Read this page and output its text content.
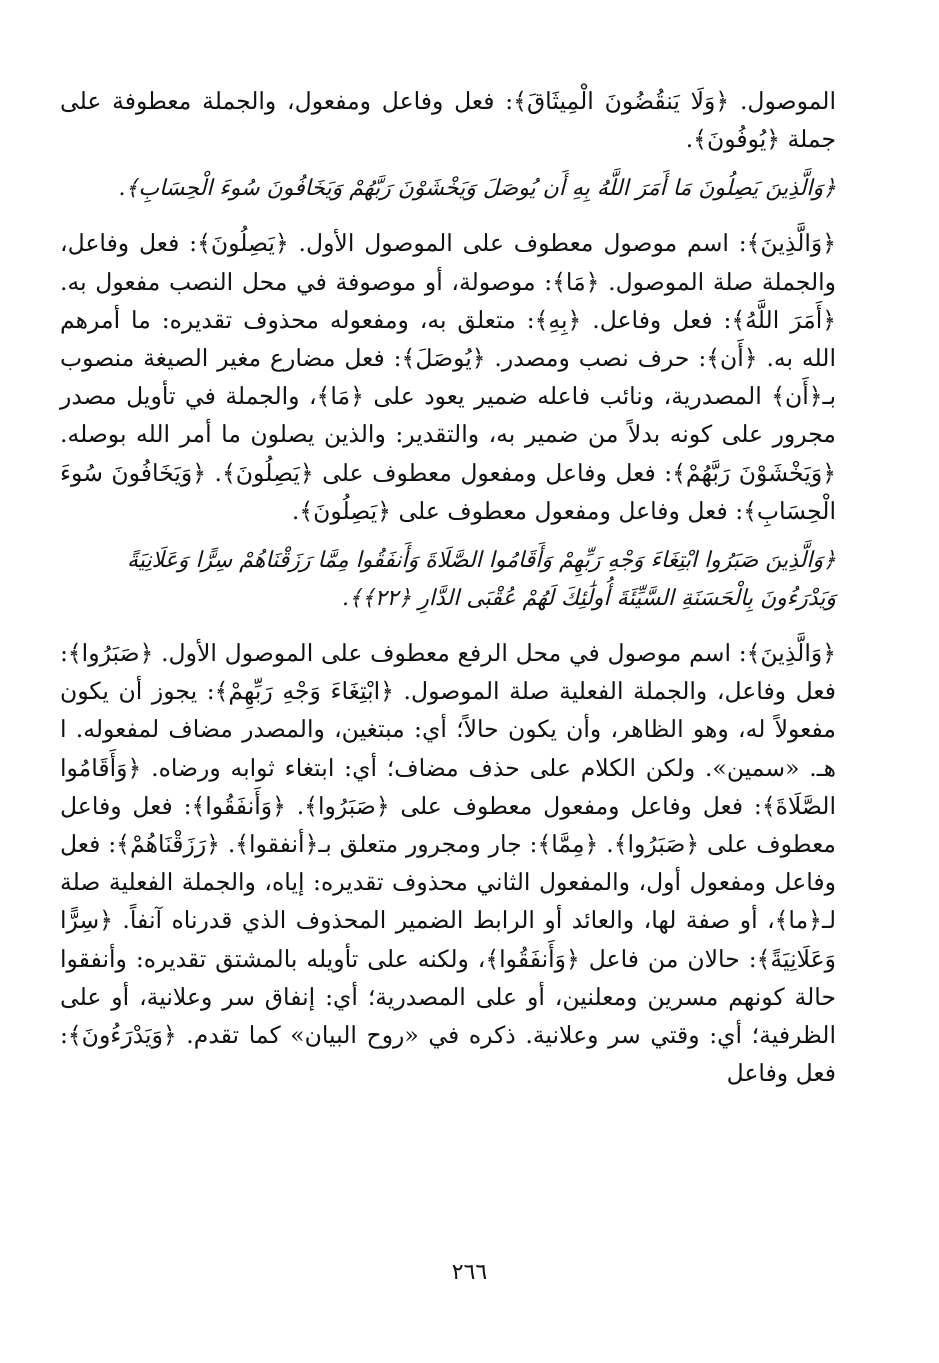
الموصول. ﴿وَلَا يَنقُضُونَ الْمِيثَاقَ﴾: فعل وفاعل ومفعول، والجملة معطوفة على جملة ﴿يُوفُونَ﴾.

﴿وَالَّذِينَ يَصِلُونَ مَا أَمَرَ اللَّهُ بِهِ أَن يُوصَلَ وَيَخْشَوْنَ رَبَّهُمْ وَيَخَافُونَ سُوءَ الْحِسَابِ﴾.

﴿وَالَّذِينَ﴾: اسم موصول معطوف على الموصول الأول. ﴿يَصِلُونَ﴾: فعل وفاعل، والجملة صلة الموصول. ﴿مَا﴾: موصولة، أو موصوفة في محل النصب مفعول به. ﴿أَمَرَ اللَّهُ﴾: فعل وفاعل. ﴿بِهِ﴾: متعلق به، ومفعوله محذوف تقديره: ما أمرهم الله به. ﴿أَن﴾: حرف نصب ومصدر. ﴿يُوصَلَ﴾: فعل مضارع مغير الصيغة منصوب بـ﴿أَن﴾ المصدرية، ونائب فاعله ضمير يعود على ﴿مَا﴾، والجملة في تأويل مصدر مجرور على كونه بدلاً من ضمير به، والتقدير: والذين يصلون ما أمر الله بوصله. ﴿وَيَخْشَوْنَ رَبَّهُمْ﴾: فعل وفاعل ومفعول معطوف على ﴿يَصِلُونَ﴾. ﴿وَيَخَافُونَ سُوءَ الْحِسَابِ﴾: فعل وفاعل ومفعول معطوف على ﴿يَصِلُونَ﴾.

﴿وَالَّذِينَ صَبَرُوا ابْتِغَاءَ وَجْهِ رَبِّهِمْ وَأَقَامُوا الصَّلَاةَ وَأَنفَقُوا مِمَّا رَزَقْنَاهُمْ سِرًّا وَعَلَانِيَةً وَيَدْرَءُونَ بِالْحَسَنَةِ السَّيِّئَةَ أُولَٰئِكَ لَهُمْ عُقْبَى الدَّارِ ﴿٢٢﴾﴾.

﴿وَالَّذِينَ﴾: اسم موصول في محل الرفع معطوف على الموصول الأول. ﴿صَبَرُوا﴾: فعل وفاعل، والجملة الفعلية صلة الموصول. ﴿ابْتِغَاءَ وَجْهِ رَبِّهِمْ﴾: يجوز أن يكون مفعولاً له، وهو الظاهر، وأن يكون حالاً؛ أي: مبتغين، والمصدر مضاف لمفعوله. ا هـ. «سمين». ولكن الكلام على حذف مضاف؛ أي: ابتغاء ثوابه ورضاه. ﴿وَأَقَامُوا الصَّلَاةَ﴾: فعل وفاعل ومفعول معطوف على ﴿صَبَرُوا﴾. ﴿وَأَنفَقُوا﴾: فعل وفاعل معطوف على ﴿صَبَرُوا﴾. ﴿مِمَّا﴾: جار ومجرور متعلق بـ﴿أنفقوا﴾. ﴿رَزَقْنَاهُمْ﴾: فعل وفاعل ومفعول أول، والمفعول الثاني محذوف تقديره: إياه، والجملة الفعلية صلة لـ﴿ما﴾، أو صفة لها، والعائد أو الرابط الضمير المحذوف الذي قدرناه آنفاً. ﴿سِرًّا وَعَلَانِيَةً﴾: حالان من فاعل ﴿وَأَنفَقُوا﴾، ولكنه على تأويله بالمشتق تقديره: وأنفقوا حالة كونهم مسرين ومعلنين، أو على المصدرية؛ أي: إنفاق سر وعلانية، أو على الظرفية؛ أي: وقتي سر وعلانية. ذكره في «روح البيان» كما تقدم. ﴿وَيَدْرَءُونَ﴾: فعل وفاعل

٢٦٦
